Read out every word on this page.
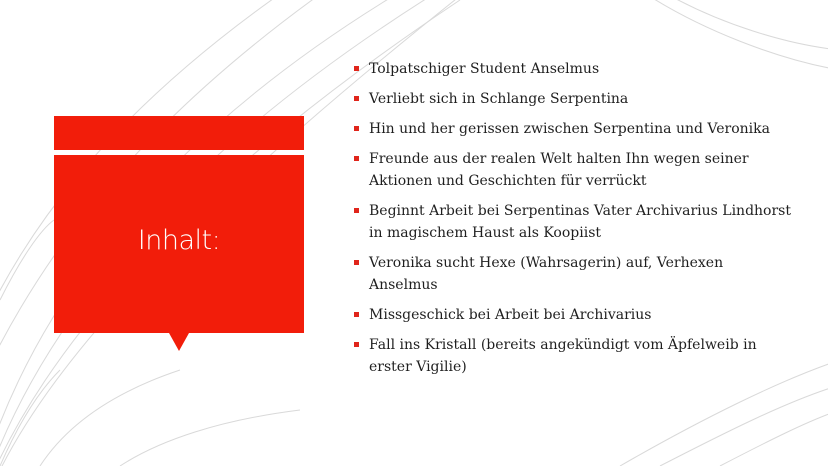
Inhalt:
Tolpatschiger Student Anselmus
Verliebt sich in Schlange Serpentina
Hin und her gerissen zwischen Serpentina und Veronika
Freunde aus der realen Welt halten Ihn wegen seiner Aktionen und Geschichten für verrückt
Beginnt Arbeit bei Serpentinas Vater Archivarius Lindhorst in magischem Haust als Koopiist
Veronika sucht Hexe (Wahrsagerin) auf, Verhexen Anselmus
Missgeschick bei Arbeit bei Archivarius
Fall ins Kristall (bereits angekündigt vom Äpfelweib in erster Vigilie)
